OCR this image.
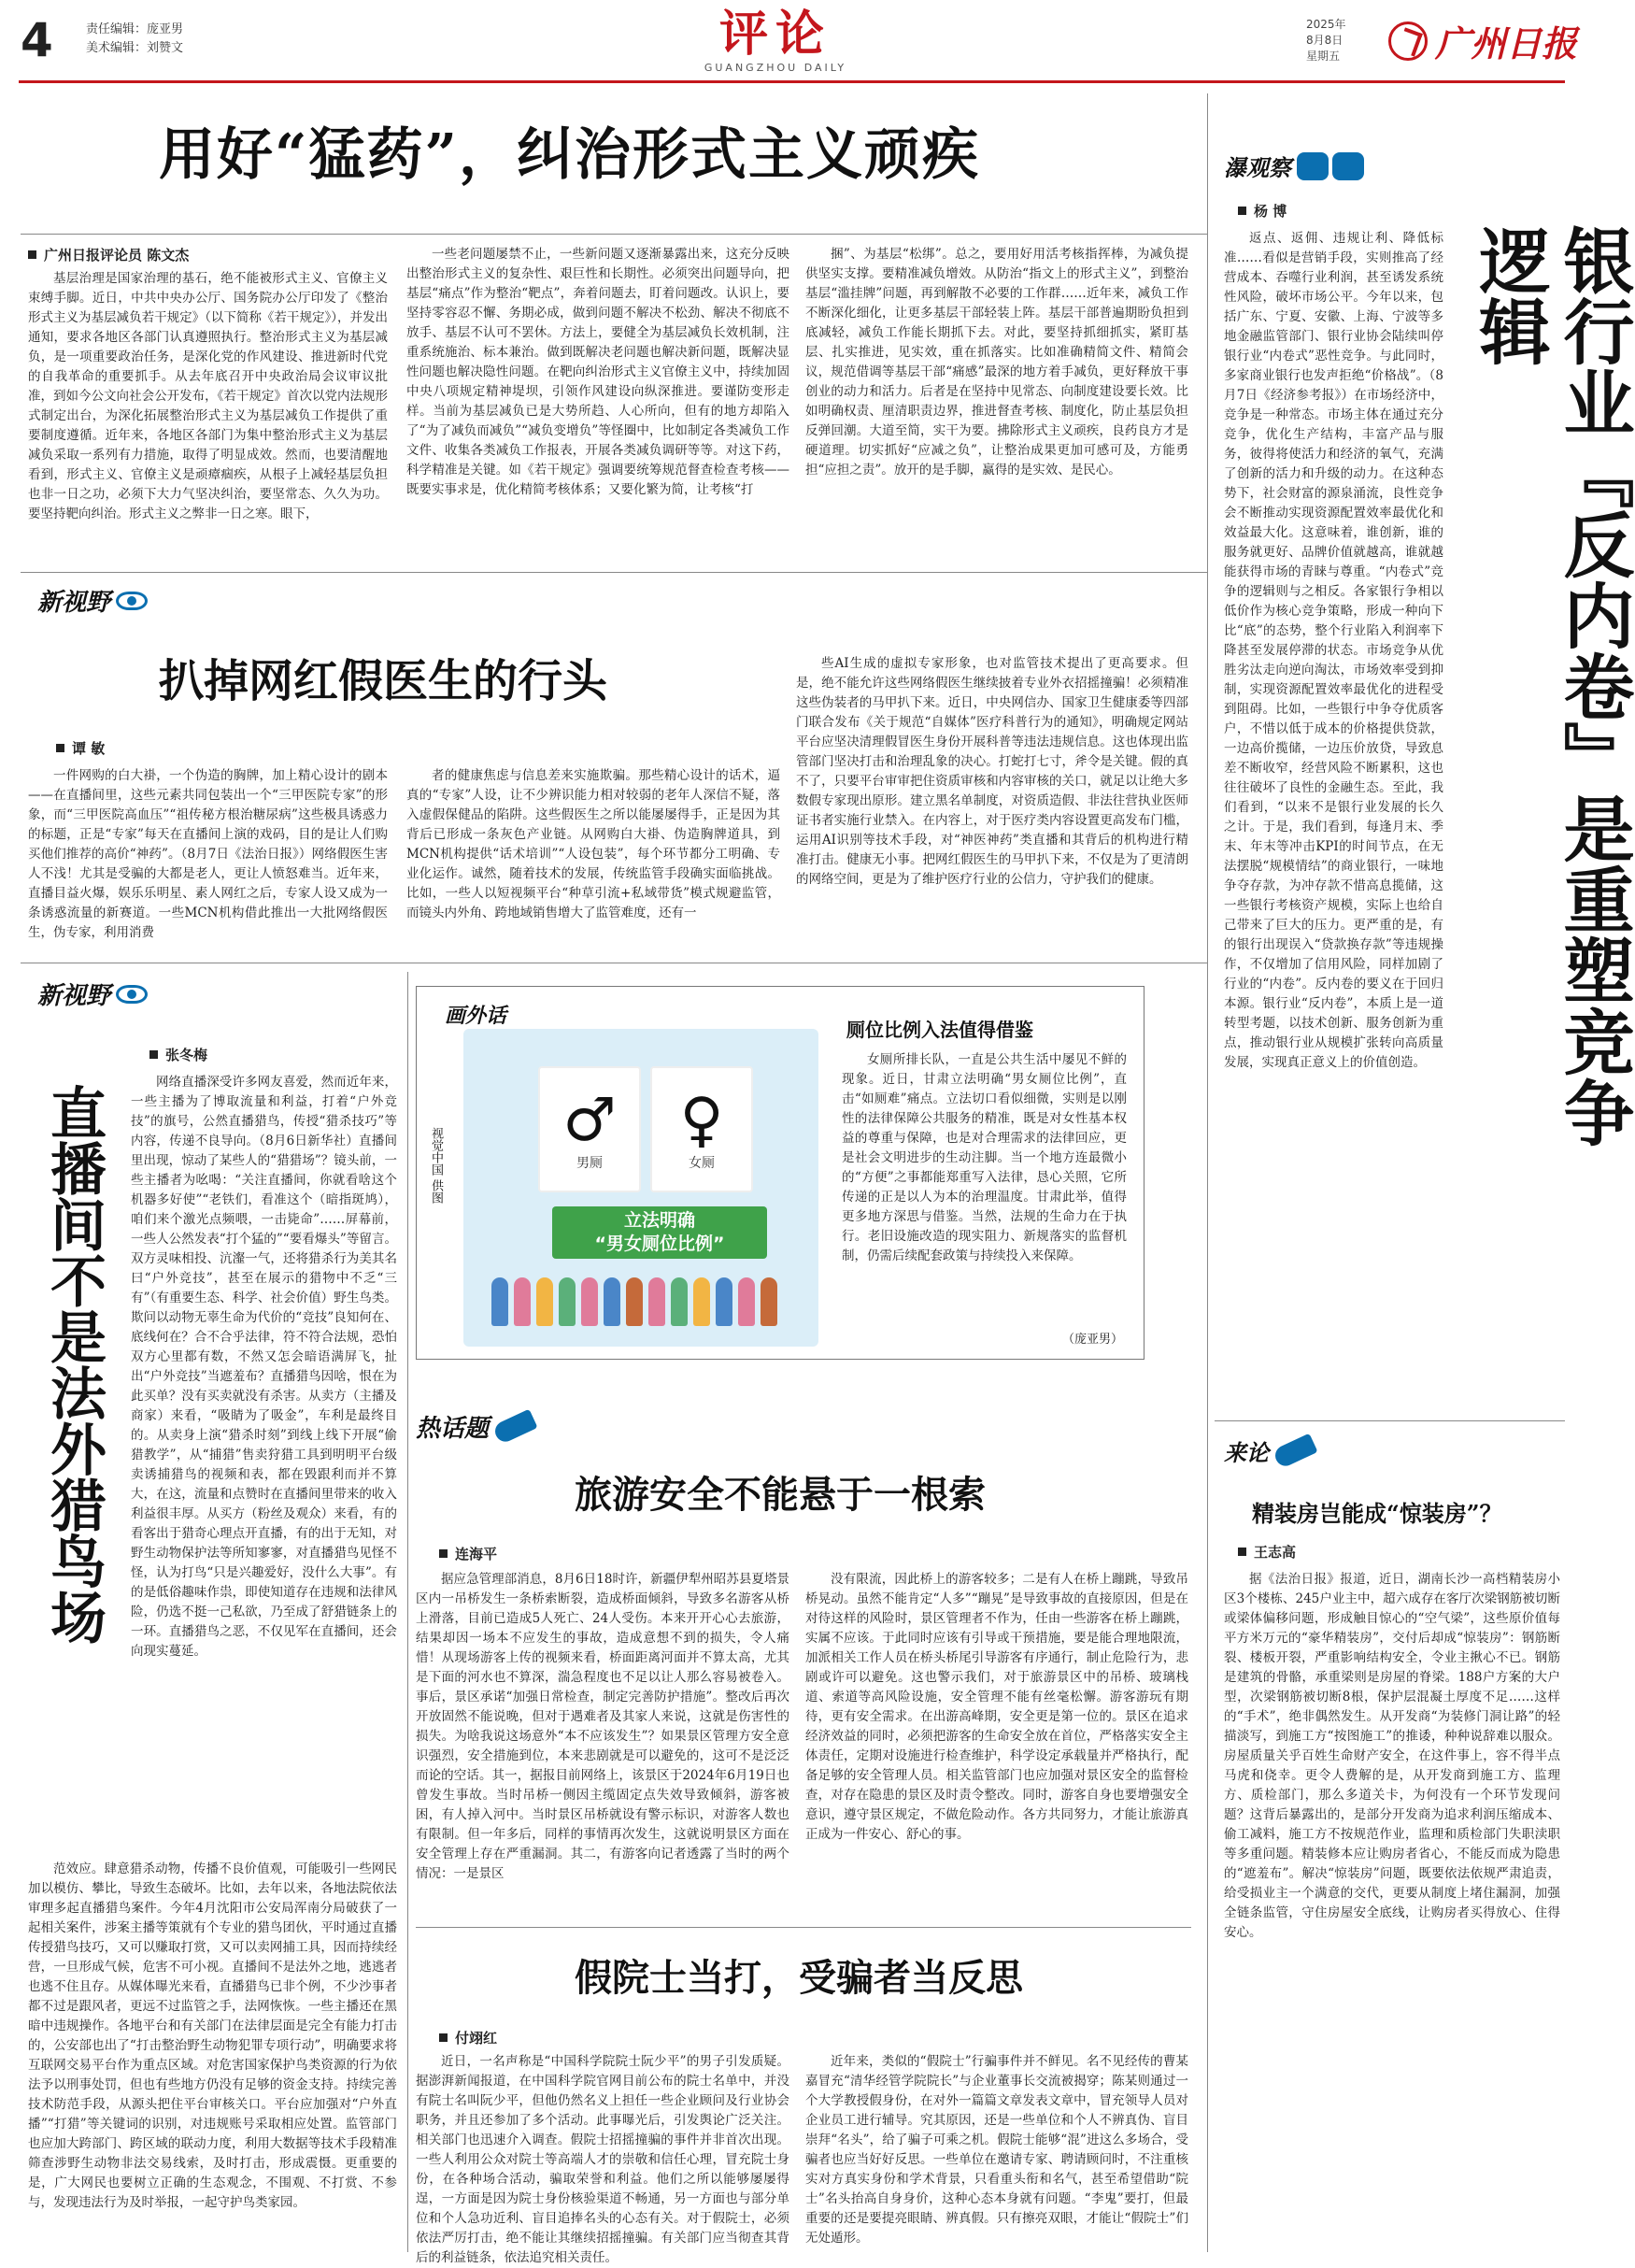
4	责任编辑：庞亚男
美术编辑：刘赞文	评论
GUANGZHOU DAILY
2025年
8月8日
星期五	广州日报
用好“猛药”，纠治形式主义顽疾
广州日报评论员 陈文杰

基层治理是国家治理的基石，绝不能被形式主义、官僚主义束缚手脚。近日，中共中央办公厅、国务院办公厅印发了《整治形式主义为基层减负若干规定》（以下简称《若干规定》），并发出通知，要求各地区各部门认真遵照执行。整治形式主义为基层减负，是一项重要政治任务，是深化党的作风建设、推进新时代党的自我革命的重要抓手。从去年底召开中央政治局会议审议批准，到如今公文向社会公开发布，《若干规定》首次以党内法规形式制定出台，为深化拓展整治形式主义为基层减负工作提供了重要制度遵循。近年来，各地区各部门为集中整治形式主义为基层减负采取一系列有力措施，取得了明显成效。然而，也要清醒地看到，形式主义、官僚主义是顽瘴痼疾，从根子上减轻基层负担也非一日之功，必须下大力气坚决纠治，要坚常态、久久为功。要坚持靶向纠治。形式主义之弊非一日之寒。眼下，

一些老问题屡禁不止，一些新问题又逐渐暴露出来，这充分反映出整治形式主义的复杂性、艰巨性和长期性。必须突出问题导向，把基层“痛点”作为整治“靶点”，奔着问题去，盯着问题改。认识上，要坚持零容忍不懈、务期必成，做到问题不解决不松劲、解决不彻底不放手、基层不认可不罢休。方法上，要健全为基层减负长效机制，注重系统施治、标本兼治。做到既解决老问题也解决新问题，既解决显性问题也解决隐性问题。在靶向纠治形式主义官僚主义中，持续加固中央八项规定精神堤坝，引领作风建设向纵深推进。要谨防变形走样。当前为基层减负已是大势所趋、人心所向，但有的地方却陷入了“为了减负而减负”“减负变增负”等怪圈中，比如制定各类减负工作文件、收集各类减负工作报表，开展各类减负调研等等。对这下药，科学精准是关键。如《若干规定》强调要统筹规范督查检查考核——既要实事求是，优化精简考核体系；又要化繁为简，让考核“打

捆”、为基层“松绑”。总之，要用好用活考核指挥棒，为减负提供坚实支撑。要精准减负增效。从防治“指文上的形式主义”，到整治基层“滥挂牌”问题，再到解散不必要的工作群……近年来，减负工作不断深化细化，让更多基层干部轻装上阵。基层干部普遍期盼负担到底减轻，减负工作能长期抓下去。对此，要坚持抓细抓实，紧盯基层、扎实推进，见实效，重在抓落实。比如准确精简文件、精简会议，规范借调等基层干部“痛感”最深的地方着手减负，更好释放干事创业的动力和活力。后者是在坚持中见常态、向制度建设要长效。比如明确权责、厘清职责边界，推进督查考核、制度化，防止基层负担反弹回潮。大道至简，实干为要。拂除形式主义顽疾，良药良方才是硬道理。切实抓好“应减之负”，让整治成果更加可感可及，方能勇担“应担之责”。放开的是手脚，赢得的是实效、是民心。

新视野
扒掉网红假医生的行头
谭 敏

一件网购的白大褂，一个伪造的胸牌，加上精心设计的剧本——在直播间里，这些元素共同包装出一个“三甲医院专家”的形象，而“三甲医院高血压”“祖传秘方根治糖尿病”这些极具诱惑力的标题，正是“专家”每天在直播间上演的戏码，目的是让人们购买他们推荐的高价“神药”。（8月7日《法治日报》）网络假医生害人不浅！尤其是受骗的大都是老人，更让人愤怒难当。近年来，直播目益火爆，娱乐乐明星、素人网红之后，专家人设又成为一条诱惑流量的新赛道。一些MCN机构借此推出一大批网络假医生，伪专家，利用消费

者的健康焦虑与信息差来实施欺骗。那些精心设计的话术，逼真的“专家”人设，让不少辨识能力相对较弱的老年人深信不疑，落入虚假保健品的陷阱。这些假医生之所以能屡屡得手，正是因为其背后已形成一条灰色产业链。从网购白大褂、伪造胸牌道具，到MCN机构提供“话术培训”“人设包装”，每个环节都分工明确、专业化运作。诚然，随着技术的发展，传统监管手段确实面临挑战。比如，一些人以短视频平台“种草引流+私域带货”模式规避监管，而镜头内外角、跨地域销售增大了监管难度，还有一

些AI生成的虚拟专家形象，也对监管技术提出了更高要求。但是，绝不能允许这些网络假医生继续披着专业外衣招摇撞骗！必须精准这些伪装者的马甲扒下来。近日，中央网信办、国家卫生健康委等四部门联合发布《关于规范“自媒体”医疗科普行为的通知》，明确规定网站平台应坚决清理假冒医生身份开展科普等违法违规信息。这也体现出监管部门坚决打击和治理乱象的决心。打蛇打七寸，斧令是关键。假的真不了，只要平台审审把住资质审核和内容审核的关口，就足以让绝大多数假专家现出原形。建立黑名单制度，对资质造假、非法往营执业医师证书者实施行业禁入。在内容上，对于医疗类内容设置更高发布门槛，运用AI识别等技术手段，对“神医神药”类直播和其背后的机构进行精准打击。健康无小事。把网红假医生的马甲扒下来，不仅是为了更清朗的网络空间，更是为了维护医疗行业的公信力，守护我们的健康。

新视野
张冬梅
直播间不是法外猎鸟场

网络直播深受许多网友喜爱，然而近年来，一些主播为了博取流量和利益，打着“户外竞技”的旗号，公然直播猎鸟，传授“猎杀技巧”等内容，传递不良导向。（8月6日新华社）直播间里出现，惊动了某些人的“猎猎场”？镜头前，一些主播者为吆喝：“关注直播间，你就看啥这个机器多好使”“老铁们，看准这个（暗指斑鸠），咱们来个激光点频喂，一击毙命”……屏幕前，一些人公然发表“打个猛的”“要看爆头”等留言。双方灵味相投、沆瀣一气，还将猎杀行为美其名曰“户外竞技”，甚至在展示的猎物中不乏“三有”（有重要生态、科学、社会价值）野生鸟类。欺问以动物无辜生命为代价的“竞技”良知何在、底线何在？合不合乎法律，符不符合法规，恐怕双方心里都有数，不然又怎会暗语满屏飞，扯出“户外竞技”当遮羞布？直播猎鸟因啥，恨在为此买单？没有买卖就没有杀害。从卖方（主播及商家）来看，“吸睛为了吸金”，车利是最终目的。从卖身上演“猎杀时刻”到线上线下开展“偷猎教学”，从“捕猎”售卖狩猎工具到明明平台级卖诱捕猎鸟的视频和表，都在毁跟利而并不算大，在这，流量和点赞时在直播间里带来的收入利益很丰厚。从买方（粉丝及观众）来看，有的看客出于猎奇心理点开直播，有的出于无知，对野生动物保护法等所知寥寥，对直播猎鸟见怪不怪，认为打鸟“只是兴趣爱好，没什么大事”。有的是低俗趣味作祟，即使知道存在违规和法律风险，仍选不挺一己私欲，乃至成了舒猎链条上的一环。直播猎鸟之恶，不仅见军在直播间，还会向现实蔓延。

范效应。肆意猎杀动物，传播不良价值观，可能吸引一些网民加以模仿、攀比，导致生态破坏。比如，去年以来，各地法院依法审理多起直播猎鸟案件。今年4月沈阳市公安局浑南分局破获了一起相关案件，涉案主播等策就有个专业的猎鸟团伙，平时通过直播传授猎鸟技巧，又可以赚取打赏，又可以卖网捕工具，因而持续经营，一旦形成气候，危害不可小视。直播间不是法外之地，逃逃者也逃不住且存。从媒体曝光来看，直播猎鸟已非个例，不少沙事者都不过是跟风者，更远不过监管之手，法网恢恢。一些主播还在黑暗中违规操作。各地平台和有关部门在法律层面是完全有能力打击的，公安部也出了“打击整治野生动物犯罪专项行动”，明确要求将互联网交易平台作为重点区域。对危害国家保护鸟类资源的行为依法予以刑事处罚，但也有些地方仍没有足够的资金支持。持续完善技术防范手段，从源头把住平台审核关口。平台应加强对“户外直播”“打猎”等关键词的识别，对违规账号采取相应处置。监管部门也应加大跨部门、跨区域的联动力度，利用大数据等技术手段精准筛查涉野生动物非法交易线索，及时打击，形成震慑。更重要的是，广大网民也要树立正确的生态观念，不围观、不打赏、不参与，发现违法行为及时举报，一起守护鸟类家园。

画外话
♂
男厕
♀
女厕
立法明确
“男女厕位比例”
视觉中国 供图
厕位比例入法值得借鉴

女厕所排长队，一直是公共生活中屡见不鲜的现象。近日，甘肃立法明确“男女厕位比例”，直击“如厕难”痛点。立法切口看似细微，实则是以刚性的法律保障公共服务的精准，既是对女性基本权益的尊重与保障，也是对合理需求的法律回应，更是社会文明进步的生动注脚。当一个地方连最微小的“方便”之事都能郑重写入法律，恳心关照，它所传递的正是以人为本的治理温度。甘肃此举，值得更多地方深思与借鉴。当然，法规的生命力在于执行。老旧设施改造的现实阻力、新规落实的监督机制，仍需后续配套政策与持续投入来保障。

（庞亚男）
热话题
旅游安全不能悬于一根索
连海平

据应急管理部消息，8月6日18时许，新疆伊犁州昭苏县夏塔景区内一吊桥发生一条桥索断裂，造成桥面倾斜，导致多名游客从桥上滑落，目前已造成5人死亡、24人受伤。本来开开心心去旅游，结果却因一场本不应发生的事故，造成意想不到的损失，令人痛惜！从现场游客上传的视频来看，桥面距离河面并不算太高，尤其是下面的河水也不算深，湍急程度也不足以让人那么容易被卷入。事后，景区承诺“加强日常检查，制定完善防护措施”。整改后再次开放固然不能说晚，但对于遇难者及其家人来说，这就是伤害性的损失。为啥我说这场意外“本不应该发生”？如果景区管理方安全意识强烈，安全措施到位，本来悲剧就是可以避免的，这可不是泛泛而论的空话。其一，据报目前网络上，该景区于2024年6月19日也曾发生事故。当时吊桥一侧因主缆固定点失效导致倾斜，游客被困，有人掉入河中。当时景区吊桥就设有警示标识，对游客人数也有限制。但一年多后，同样的事情再次发生，这就说明景区方面在安全管理上存在严重漏洞。其二，有游客向记者透露了当时的两个情况：一是景区

没有限流，因此桥上的游客较多；二是有人在桥上蹦跳，导致吊桥晃动。虽然不能肯定“人多”“蹦晃”是导致事故的直接原因，但是在对待这样的风险时，景区管理者不作为，任由一些游客在桥上蹦跳，实属不应该。于此同时应该有引导或干预措施，要是能合理地限流，加派相关工作人员在桥头桥尾引导游客有序通行，制止危险行为，悲剧或许可以避免。这也警示我们，对于旅游景区中的吊桥、玻璃栈道、索道等高风险设施，安全管理不能有丝毫松懈。游客游玩有期待，更有安全需求。在出游高峰期，安全更是第一位的。景区在追求经济效益的同时，必须把游客的生命安全放在首位，严格落实安全主体责任，定期对设施进行检查维护，科学设定承载量并严格执行，配备足够的安全管理人员。相关监管部门也应加强对景区安全的监督检查，对存在隐患的景区及时责令整改。同时，游客自身也要增强安全意识，遵守景区规定，不做危险动作。各方共同努力，才能让旅游真正成为一件安心、舒心的事。

假院士当打，受骗者当反思
付翊红

近日，一名声称是“中国科学院院士阮少平”的男子引发质疑。据澎湃新闻报道，在中国科学院官网目前公布的院士名单中，并没有院士名叫阮少平，但他仍然名义上担任一些企业顾问及行业协会职务，并且还参加了多个活动。此事曝光后，引发舆论广泛关注。相关部门也迅速介入调查。假院士招摇撞骗的事件并非首次出现。一些人利用公众对院士等高端人才的崇敬和信任心理，冒充院士身份，在各种场合活动，骗取荣誉和利益。他们之所以能够屡屡得逞，一方面是因为院士身份核验渠道不畅通，另一方面也与部分单位和个人急功近利、盲目追捧名头的心态有关。对于假院士，必须依法严厉打击，绝不能让其继续招摇撞骗。有关部门应当彻查其背后的利益链条，依法追究相关责任。

近年来，类似的“假院士”行骗事件并不鲜见。名不见经传的曹某嘉冒充“清华经管学院院长”与企业董事长交流被揭穿；陈某则通过一个大学教授假身份，在对外一篇篇文章发表文章中，冒充领导人员对企业员工进行辅导。究其原因，还是一些单位和个人不辨真伪、盲目崇拜“名头”，给了骗子可乘之机。假院士能够“混”进这么多场合，受骗者也应当好好反思。一些单位在邀请专家、聘请顾问时，不注重核实对方真实身份和学术背景，只看重头衔和名气，甚至希望借助“院士”名头抬高自身身价，这种心态本身就有问题。“李鬼”要打，但最重要的还是要提亮眼睛、辨真假。只有擦亮双眼，才能让“假院士”们无处遁形。

瀑观察
杨 博

返点、返佣、违规让利、降低标准……看似是营销手段，实则推高了经营成本、吞噬行业利润，甚至诱发系统性风险，破坏市场公平。今年以来，包括广东、宁夏、安徽、上海、宁波等多地金融监管部门、银行业协会陆续叫停银行业“内卷式”恶性竞争。与此同时，多家商业银行也发声拒绝“价格战”。（8月7日《经济参考报》）在市场经济中，竞争是一种常态。市场主体在通过充分竞争，优化生产结构，丰富产品与服务，彼得将使活力和经济的氧气，充满了创新的活力和升级的动力。在这种态势下，社会财富的源泉涌流，良性竞争会不断推动实现资源配置效率最优化和效益最大化。这意味着，谁创新，谁的服务就更好、品牌价值就越高，谁就越能获得市场的青睐与尊重。“内卷式”竞争的逻辑则与之相反。各家银行争相以低价作为核心竞争策略，形成一种向下比“底”的态势，整个行业陷入利润率下降甚至发展停滞的状态。市场竞争从优胜劣汰走向逆向淘汰，市场效率受到抑制，实现资源配置效率最优化的进程受到阻碍。比如，一些银行中争夺优质客户，不惜以低于成本的价格提供贷款，一边高价揽储，一边压价放贷，导致息差不断收窄，经营风险不断累积，这也往往破坏了良性的金融生态。至此，我们看到，“以来不是银行业发展的长久之计。于是，我们看到，每逢月末、季末、年末等冲击KPI的时间节点，在无法摆脱“规模情结”的商业银行，一味地争夺存款，为冲存款不惜高息揽储，这一些银行考核资产规模，实际上也给自己带来了巨大的压力。更严重的是，有的银行出现误入“贷款换存款”等违规操作，不仅增加了信用风险，同样加剧了行业的“内卷”。反内卷的要义在于回归本源。银行业“反内卷”，本质上是一道转型考题，以技术创新、服务创新为重点，推动银行业从规模扩张转向高质量发展，实现真正意义上的价值创造。	银行业『反内卷』是重塑竞争逻辑
来论
精装房岂能成“惊装房”？
王志高

据《法治日报》报道，近日，湖南长沙一高档精装房小区3个楼栋、245户业主中，超六成存在客厅次梁钢筋被切断或梁体偏移问题，形成触目惊心的“空气梁”，这些原价值每平方米万元的“豪华精装房”，交付后却成“惊装房”：钢筋断裂、楼板开裂，严重影响结构安全，令业主揪心不已。钢筋是建筑的骨骼，承重梁则是房屋的脊梁。188户方案的大户型，次梁钢筋被切断8根，保护层混凝土厚度不足……这样的“手术”，绝非偶然发生。从开发商“为装修门洞让路”的轻描淡写，到施工方“按图施工”的推诿，种种说辞难以服众。房屋质量关乎百姓生命财产安全，在这件事上，容不得半点马虎和侥幸。更令人费解的是，从开发商到施工方、监理方、质检部门，那么多道关卡，为何没有一个环节发现问题？这背后暴露出的，是部分开发商为追求利润压缩成本、偷工减料，施工方不按规范作业，监理和质检部门失职渎职等多重问题。精装修本应让购房者省心，不能反而成为隐患的“遮羞布”。解决“惊装房”问题，既要依法依规严肃追责，给受损业主一个满意的交代，更要从制度上堵住漏洞，加强全链条监管，守住房屋安全底线，让购房者买得放心、住得安心。
